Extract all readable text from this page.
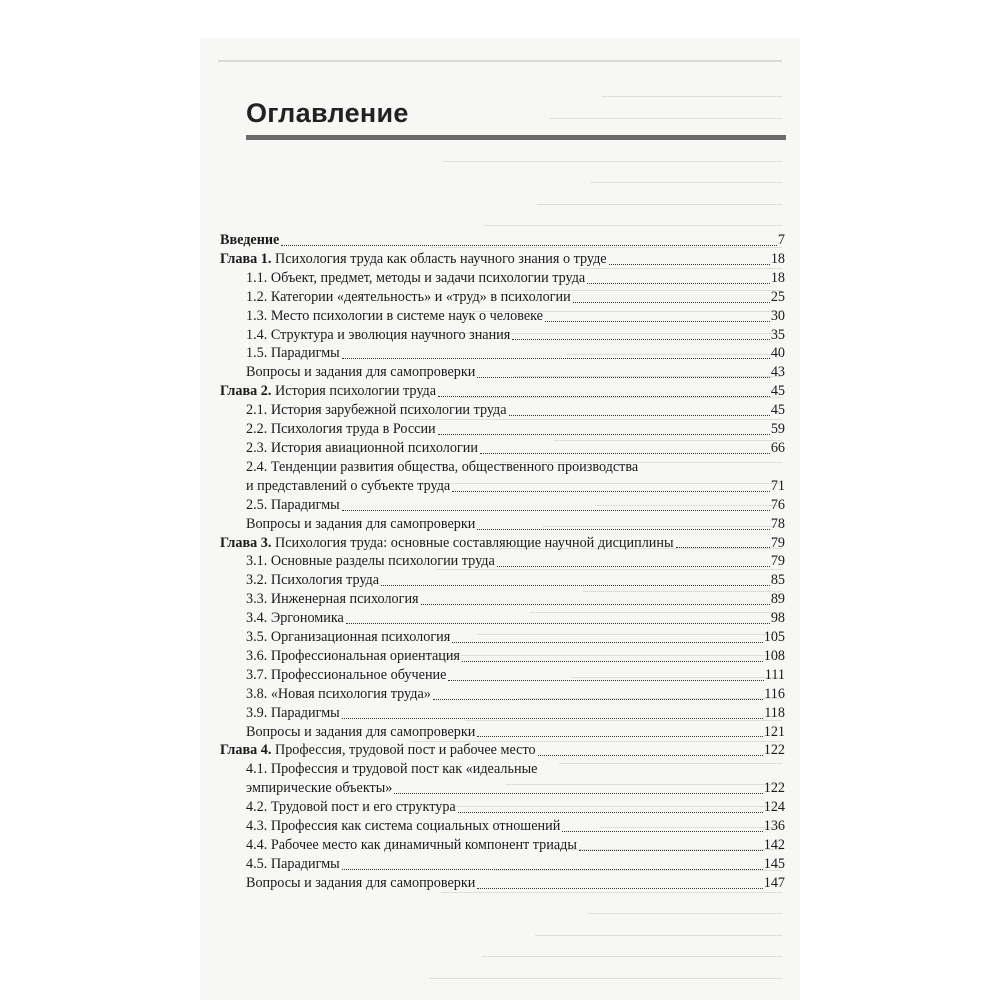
Оглавление
Введение	7
Глава 1. Психология труда как область научного знания о труде	18
1.1. Объект, предмет, методы и задачи психологии труда	18
1.2. Категории «деятельность» и «труд» в психологии	25
1.3. Место психологии в системе наук о человеке	30
1.4. Структура и эволюция научного знания	35
1.5. Парадигмы	40
Вопросы и задания для самопроверки	43
Глава 2. История психологии труда	45
2.1. История зарубежной психологии труда	45
2.2. Психология труда в России	59
2.3. История авиационной психологии	66
2.4. Тенденции развития общества, общественного производства
и представлений о субъекте труда	71
2.5. Парадигмы	76
Вопросы и задания для самопроверки	78
Глава 3. Психология труда: основные составляющие научной дисциплины	79
3.1. Основные разделы психологии труда	79
3.2. Психология труда	85
3.3. Инженерная психология	89
3.4. Эргономика	98
3.5. Организационная психология	105
3.6. Профессиональная ориентация	108
3.7. Профессиональное обучение	111
3.8. «Новая психология труда»	116
3.9. Парадигмы	118
Вопросы и задания для самопроверки	121
Глава 4. Профессия, трудовой пост и рабочее место	122
4.1. Профессия и трудовой пост как «идеальные
эмпирические объекты»	122
4.2. Трудовой пост и его структура	124
4.3. Профессия как система социальных отношений	136
4.4. Рабочее место как динамичный компонент триады	142
4.5. Парадигмы	145
Вопросы и задания для самопроверки	147
